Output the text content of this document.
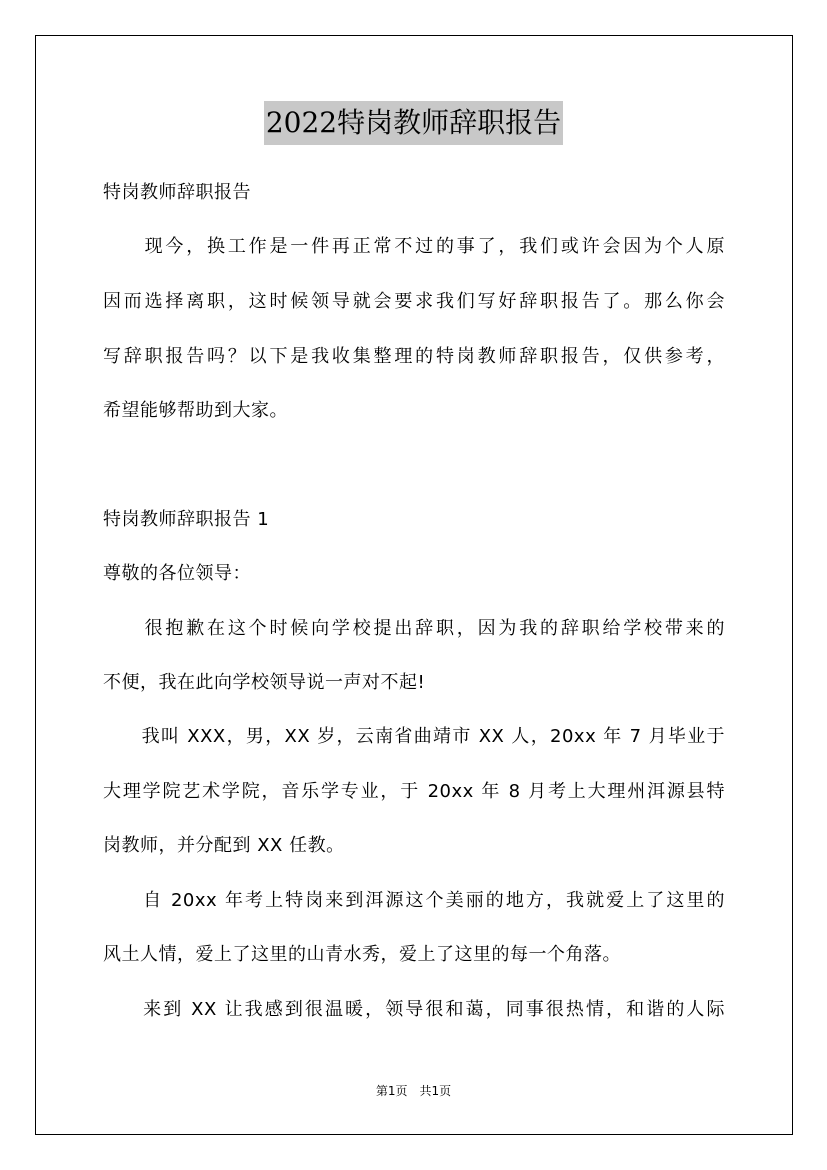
2022特岗教师辞职报告
特岗教师辞职报告
　　现今，换工作是一件再正常不过的事了，我们或许会因为个人原
因而选择离职，这时候领导就会要求我们写好辞职报告了。那么你会
写辞职报告吗？以下是我收集整理的特岗教师辞职报告，仅供参考，
希望能够帮助到大家。
特岗教师辞职报告 1
尊敬的各位领导：
　　很抱歉在这个时候向学校提出辞职，因为我的辞职给学校带来的
不便，我在此向学校领导说一声对不起!
　　我叫 XXX，男，XX 岁，云南省曲靖市 XX 人，20xx 年 7 月毕业于
大理学院艺术学院，音乐学专业，于 20xx 年 8 月考上大理州洱源县特
岗教师，并分配到 XX 任教。
　　自 20xx 年考上特岗来到洱源这个美丽的地方，我就爱上了这里的
风土人情，爱上了这里的山青水秀，爱上了这里的每一个角落。
　　来到 XX 让我感到很温暖，领导很和蔼，同事很热情，和谐的人际
第1页　共1页
